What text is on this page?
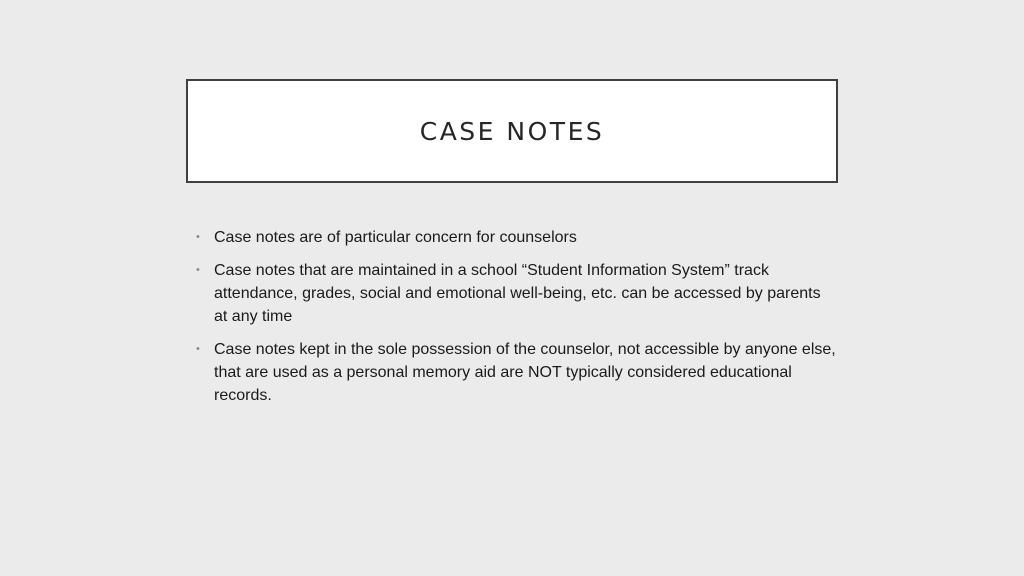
CASE NOTES
• Case notes are of particular concern for counselors
• Case notes that are maintained in a school “Student Information System” track attendance, grades, social and emotional well-being, etc. can be accessed by parents at any time
• Case notes kept in the sole possession of the counselor, not accessible by anyone else, that are used as a personal memory aid are NOT typically considered educational records.
